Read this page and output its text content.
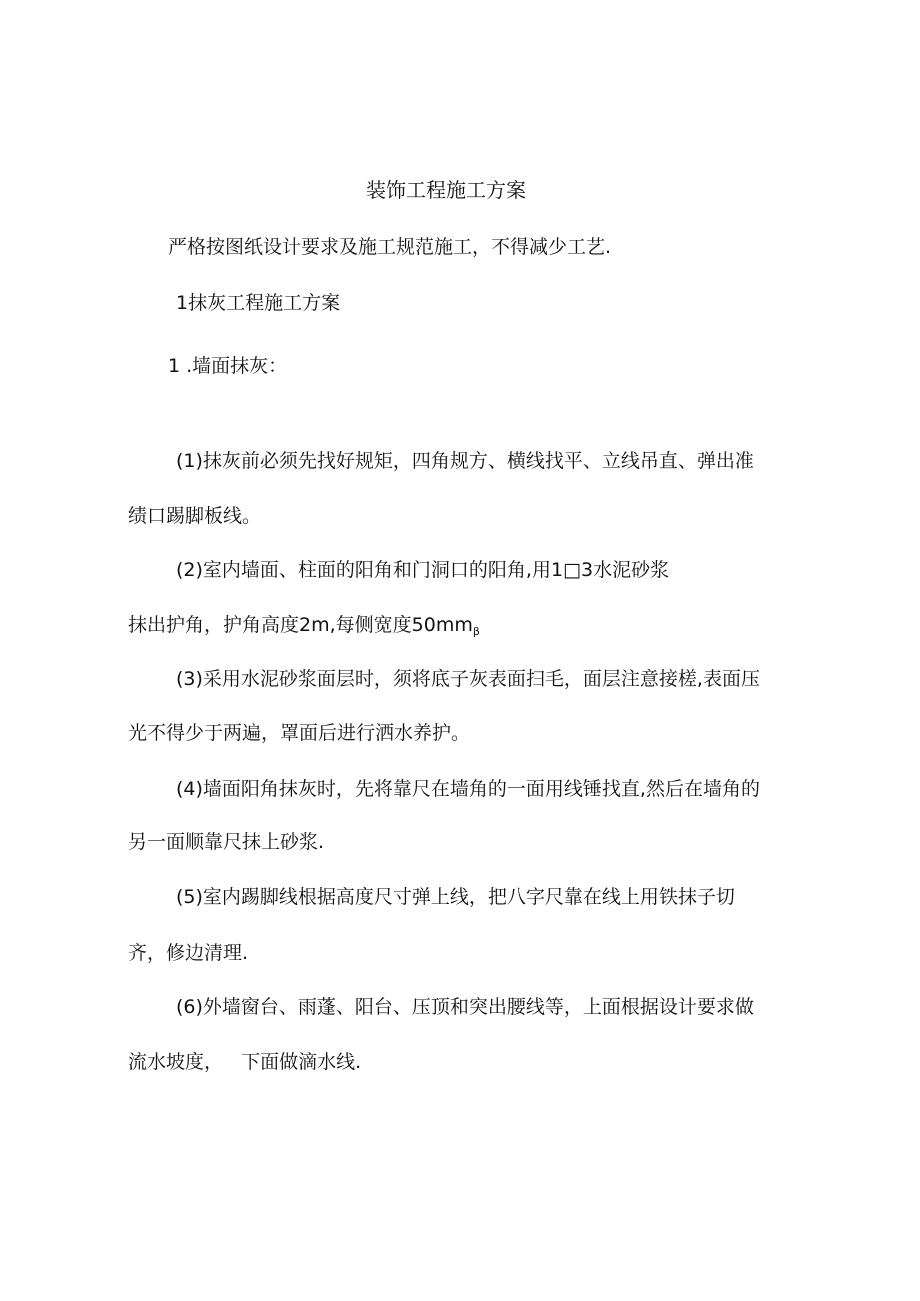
装饰工程施工方案
严格按图纸设计要求及施工规范施工，不得减少工艺.
1抹灰工程施工方案
1 .墙面抹灰：
(1)抹灰前必须先找好规矩，四角规方、横线找平、立线吊直、弹出准
绩口踢脚板线。
(2)室内墙面、柱面的阳角和门洞口的阳角,用1□3水泥砂浆
抹出护角，护角高度2m,每侧宽度$50mm_\beta$
(3)采用水泥砂浆面层时，须将底子灰表面扫毛，面层注意接槎,表面压
光不得少于两遍，罩面后进行洒水养护。
(4)墙面阳角抹灰时，先将靠尺在墙角的一面用线锤找直,然后在墙角的
另一面顺靠尺抹上砂浆.
(5)室内踢脚线根据高度尺寸弹上线，把八字尺靠在线上用铁抹子切
齐，修边清理.
(6)外墙窗台、雨蓬、阳台、压顶和突出腰线等，上面根据设计要求做
流水坡度，   下面做滴水线.
